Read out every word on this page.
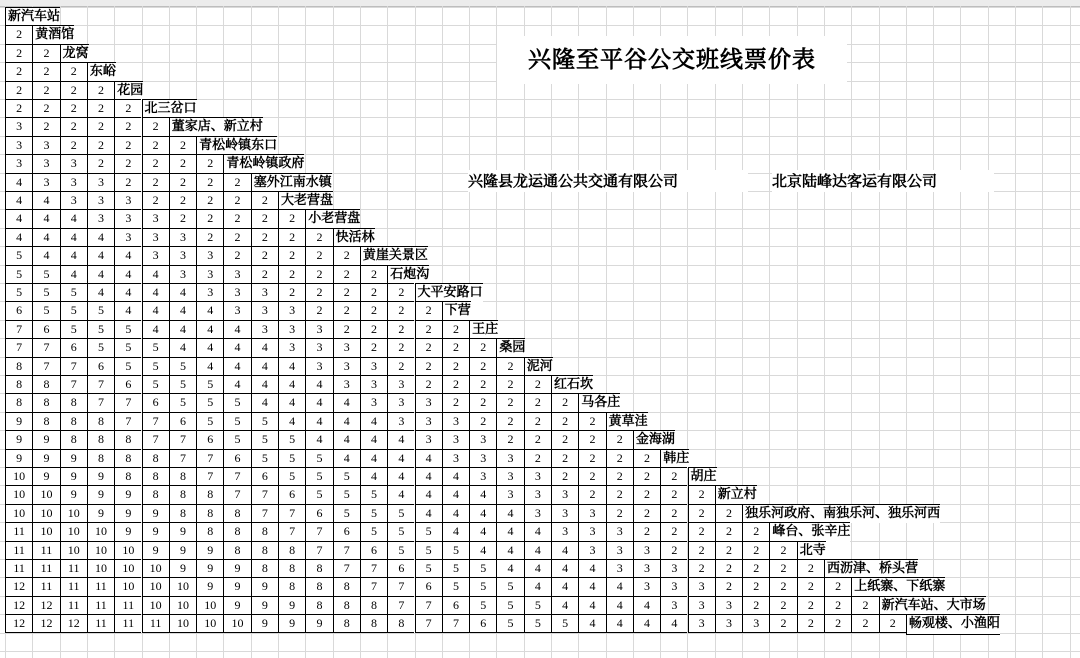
新汽车站
2	黄酒馆
2	2	龙窝
2	2	2	东峪
2	2	2	2	花园
2	2	2	2	2	北三岔口
3	2	2	2	2	2	董家店、新立村
3	3	2	2	2	2	2	青松岭镇东口
3	3	3	2	2	2	2	2	青松岭镇政府
4	3	3	3	2	2	2	2	2	塞外江南水镇
4	4	3	3	3	2	2	2	2	2	大老营盘
4	4	4	3	3	3	2	2	2	2	2	小老营盘
4	4	4	4	3	3	3	2	2	2	2	2	快活林
5	4	4	4	4	3	3	3	2	2	2	2	2	黄崖关景区
5	5	4	4	4	4	3	3	3	2	2	2	2	2	石炮沟
5	5	5	4	4	4	4	3	3	3	2	2	2	2	2	大平安路口
6	5	5	5	4	4	4	4	3	3	3	2	2	2	2	2	下营
7	6	5	5	5	4	4	4	4	3	3	3	2	2	2	2	2	王庄
7	7	6	5	5	5	4	4	4	4	3	3	3	2	2	2	2	2	桑园
8	7	7	6	5	5	5	4	4	4	4	3	3	3	2	2	2	2	2	泥河
8	8	7	7	6	5	5	5	4	4	4	4	3	3	3	2	2	2	2	2	红石坎
8	8	8	7	7	6	5	5	5	4	4	4	4	3	3	3	2	2	2	2	2	马各庄
9	8	8	8	7	7	6	5	5	5	4	4	4	4	3	3	3	2	2	2	2	2	黄草洼
9	9	8	8	8	7	7	6	5	5	5	4	4	4	4	3	3	3	2	2	2	2	2	金海湖
9	9	9	8	8	8	7	7	6	5	5	5	4	4	4	4	3	3	3	2	2	2	2	2	韩庄
10	9	9	9	8	8	8	7	7	6	5	5	5	4	4	4	4	3	3	3	2	2	2	2	2	胡庄
10	10	9	9	9	8	8	8	7	7	6	5	5	5	4	4	4	4	3	3	3	2	2	2	2	2	新立村
10	10	10	9	9	9	8	8	8	7	7	6	5	5	5	4	4	4	4	3	3	3	2	2	2	2	2	独乐河政府、南独乐河、独乐河西
11	10	10	10	9	9	9	8	8	8	7	7	6	5	5	5	4	4	4	4	3	3	3	2	2	2	2	2	峰台、张辛庄
11	11	10	10	10	9	9	9	8	8	8	7	7	6	5	5	5	4	4	4	4	3	3	3	2	2	2	2	2	北寺
11	11	11	10	10	10	9	9	9	8	8	8	7	7	6	5	5	5	4	4	4	4	3	3	3	2	2	2	2	2	西沥津、桥头营
12	11	11	11	10	10	10	9	9	9	8	8	8	7	7	6	5	5	5	4	4	4	4	3	3	3	2	2	2	2	2	上纸寨、下纸寨
12	12	11	11	11	10	10	10	9	9	9	8	8	8	7	7	6	5	5	5	4	4	4	4	3	3	3	2	2	2	2	2	新汽车站、大市场
12	12	12	11	11	11	10	10	10	9	9	9	8	8	8	7	7	6	5	5	5	4	4	4	4	3	3	3	2	2	2	2	2	畅观楼、小渔阳
兴隆至平谷公交班线票价表
兴隆县龙运通公共交通有限公司	北京陆峰达客运有限公司
